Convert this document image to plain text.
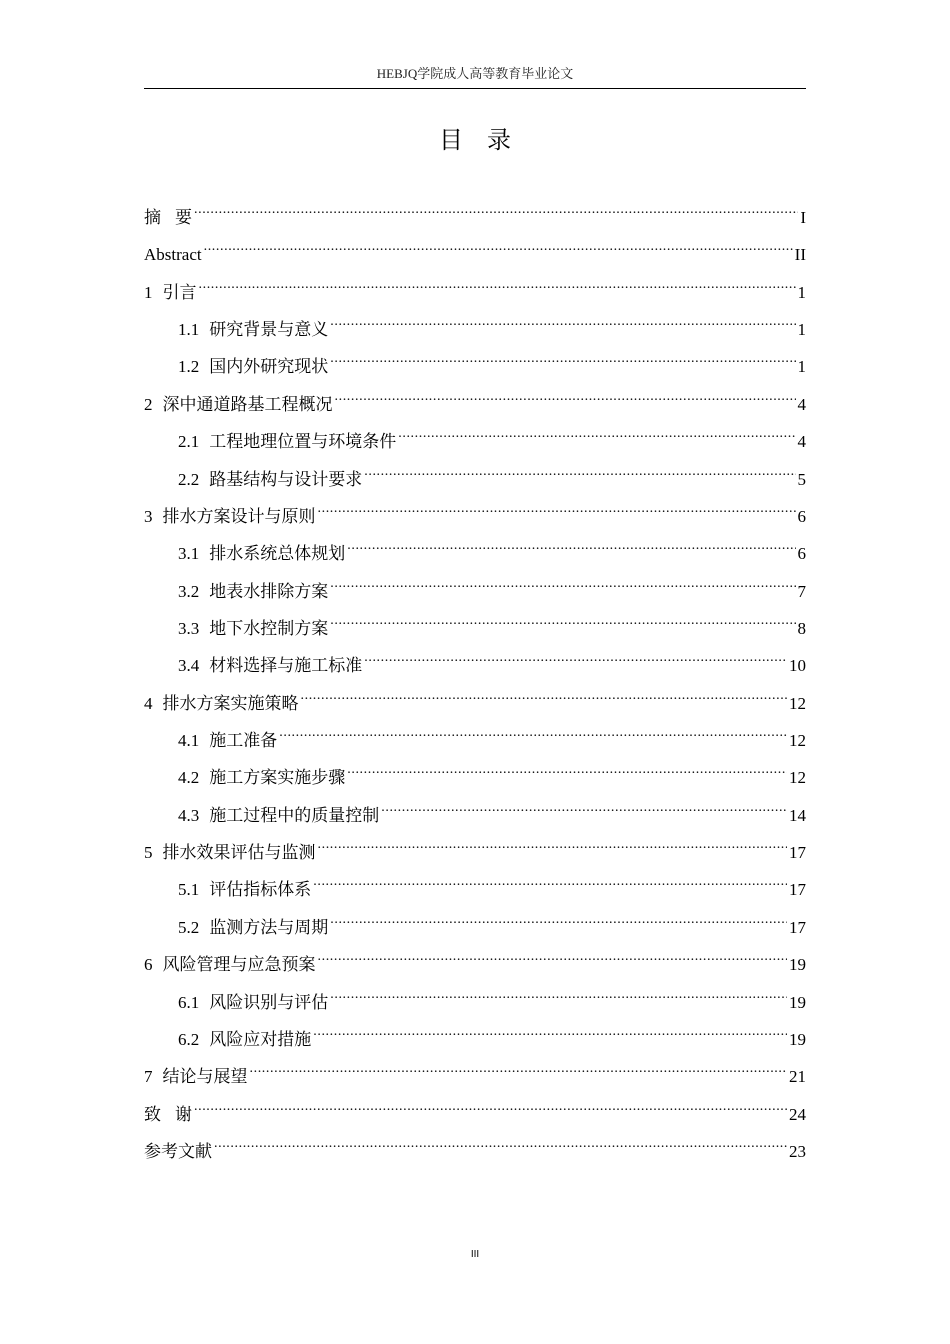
HEBJQ学院成人高等教育毕业论文
目录
摘要 .....	I
Abstract .....	II
1 引言 .....	1
1.1 研究背景与意义 .....	1
1.2 国内外研究现状 .....	1
2 深中通道路基工程概况 .....	4
2.1 工程地理位置与环境条件 .....	4
2.2 路基结构与设计要求 .....	5
3 排水方案设计与原则 .....	6
3.1 排水系统总体规划 .....	6
3.2 地表水排除方案 .....	7
3.3 地下水控制方案 .....	8
3.4 材料选择与施工标准 .....	10
4 排水方案实施策略 .....	12
4.1 施工准备 .....	12
4.2 施工方案实施步骤 .....	12
4.3 施工过程中的质量控制 .....	14
5 排水效果评估与监测 .....	17
5.1 评估指标体系 .....	17
5.2 监测方法与周期 .....	17
6 风险管理与应急预案 .....	19
6.1 风险识别与评估 .....	19
6.2 风险应对措施 .....	19
7 结论与展望 .....	21
致谢 .....	24
参考文献 .....	23
III
